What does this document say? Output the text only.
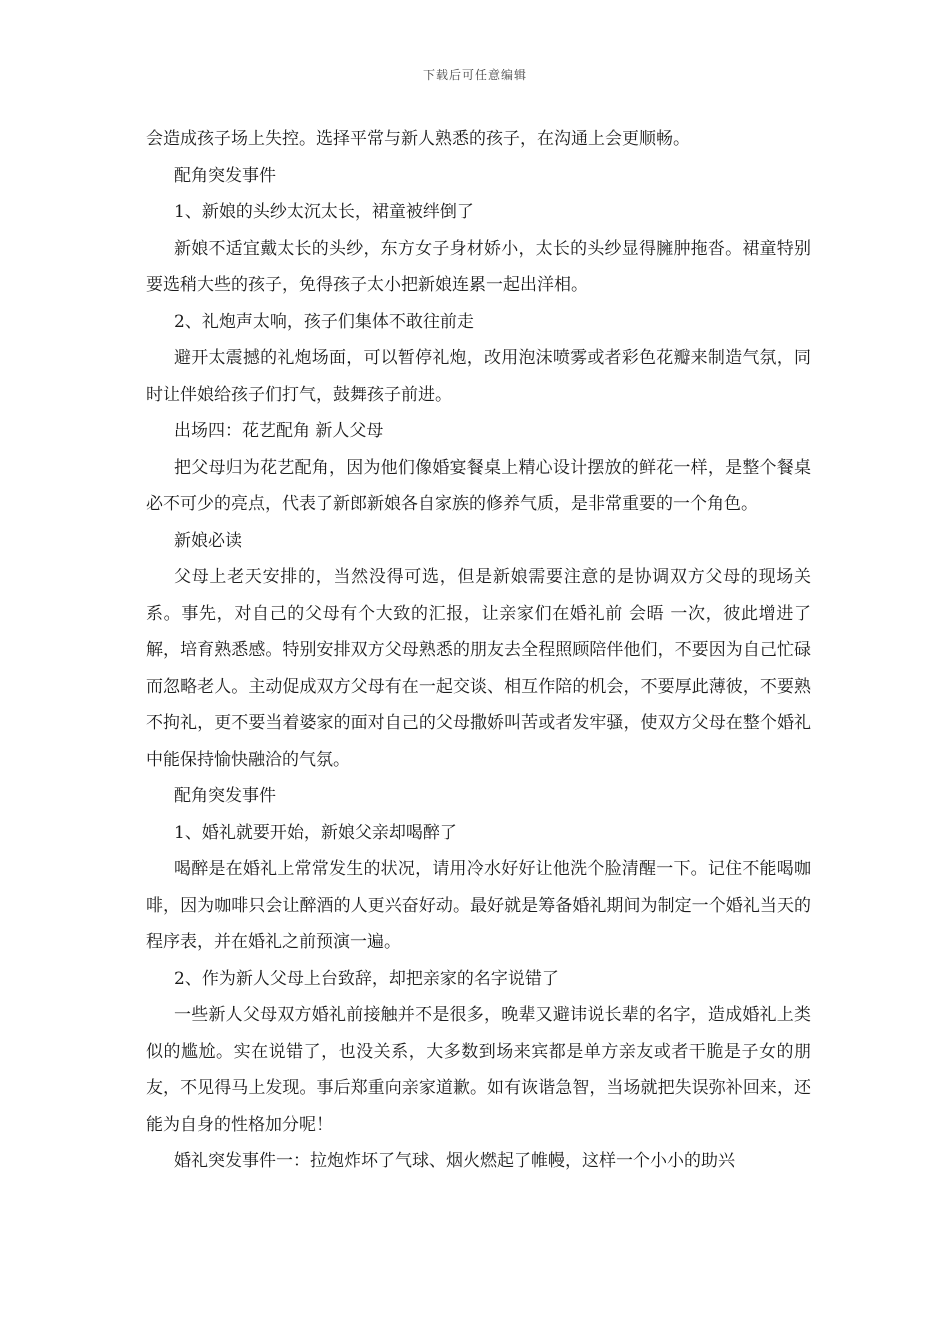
下载后可任意编辑

会造成孩子场上失控。选择平常与新人熟悉的孩子，在沟通上会更顺畅。

配角突发事件

1、新娘的头纱太沉太长，裙童被绊倒了

新娘不适宜戴太长的头纱，东方女子身材娇小，太长的头纱显得臃肿拖沓。裙童特别要选稍大些的孩子，免得孩子太小把新娘连累一起出洋相。

2、礼炮声太响，孩子们集体不敢往前走

避开太震撼的礼炮场面，可以暂停礼炮，改用泡沫喷雾或者彩色花瓣来制造气氛，同时让伴娘给孩子们打气，鼓舞孩子前进。

出场四：花艺配角 新人父母

把父母归为花艺配角，因为他们像婚宴餐桌上精心设计摆放的鲜花一样，是整个餐桌必不可少的亮点，代表了新郎新娘各自家族的修养气质，是非常重要的一个角色。

新娘必读

父母上老天安排的，当然没得可选，但是新娘需要注意的是协调双方父母的现场关系。事先，对自己的父母有个大致的汇报，让亲家们在婚礼前 会晤 一次，彼此增进了解，培育熟悉感。特别安排双方父母熟悉的朋友去全程照顾陪伴他们，不要因为自己忙碌而忽略老人。主动促成双方父母有在一起交谈、相互作陪的机会，不要厚此薄彼，不要熟不拘礼，更不要当着婆家的面对自己的父母撒娇叫苦或者发牢骚，使双方父母在整个婚礼中能保持愉快融洽的气氛。

配角突发事件

1、婚礼就要开始，新娘父亲却喝醉了

喝醉是在婚礼上常常发生的状况，请用冷水好好让他洗个脸清醒一下。记住不能喝咖啡，因为咖啡只会让醉酒的人更兴奋好动。最好就是筹备婚礼期间为制定一个婚礼当天的程序表，并在婚礼之前预演一遍。

2、作为新人父母上台致辞，却把亲家的名字说错了

一些新人父母双方婚礼前接触并不是很多，晚辈又避讳说长辈的名字，造成婚礼上类似的尴尬。实在说错了，也没关系，大多数到场来宾都是单方亲友或者干脆是子女的朋友，不见得马上发现。事后郑重向亲家道歉。如有诙谐急智，当场就把失误弥补回来，还能为自身的性格加分呢！

婚礼突发事件一：拉炮炸坏了气球、烟火燃起了帷幔，这样一个小小的助兴
